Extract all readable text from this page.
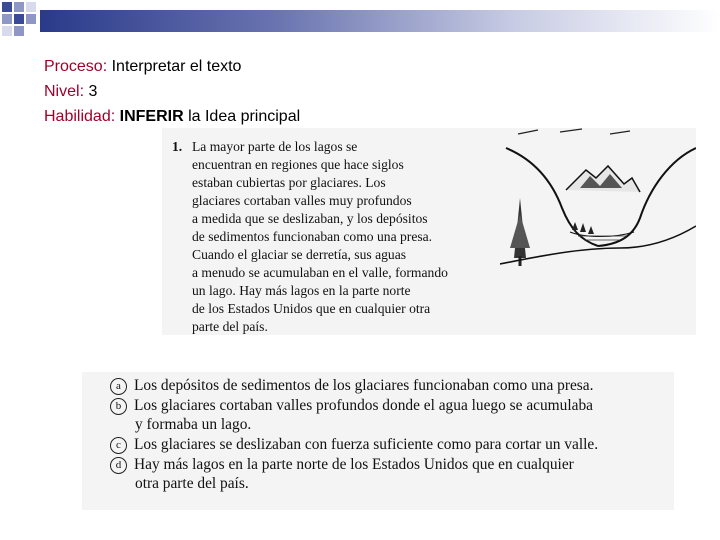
Proceso: Interpretar el texto
Nivel: 3
Habilidad: INFERIR la Idea principal
1. La mayor parte de los lagos se
encuentran en regiones que hace siglos
estaban cubiertas por glaciares. Los
glaciares cortaban valles muy profundos
a medida que se deslizaban, y los depósitos
de sedimentos funcionaban como una presa.
Cuando el glaciar se derretía, sus aguas
a menudo se acumulaban en el valle, formando
un lago. Hay más lagos en la parte norte
de los Estados Unidos que en cualquier otra
parte del país.
a Los depósitos de sedimentos de los glaciares funcionaban como una presa.
b Los glaciares cortaban valles profundos donde el agua luego se acumulaba
y formaba un lago.
c Los glaciares se deslizaban con fuerza suficiente como para cortar un valle.
d Hay más lagos en la parte norte de los Estados Unidos que en cualquier
otra parte del país.
